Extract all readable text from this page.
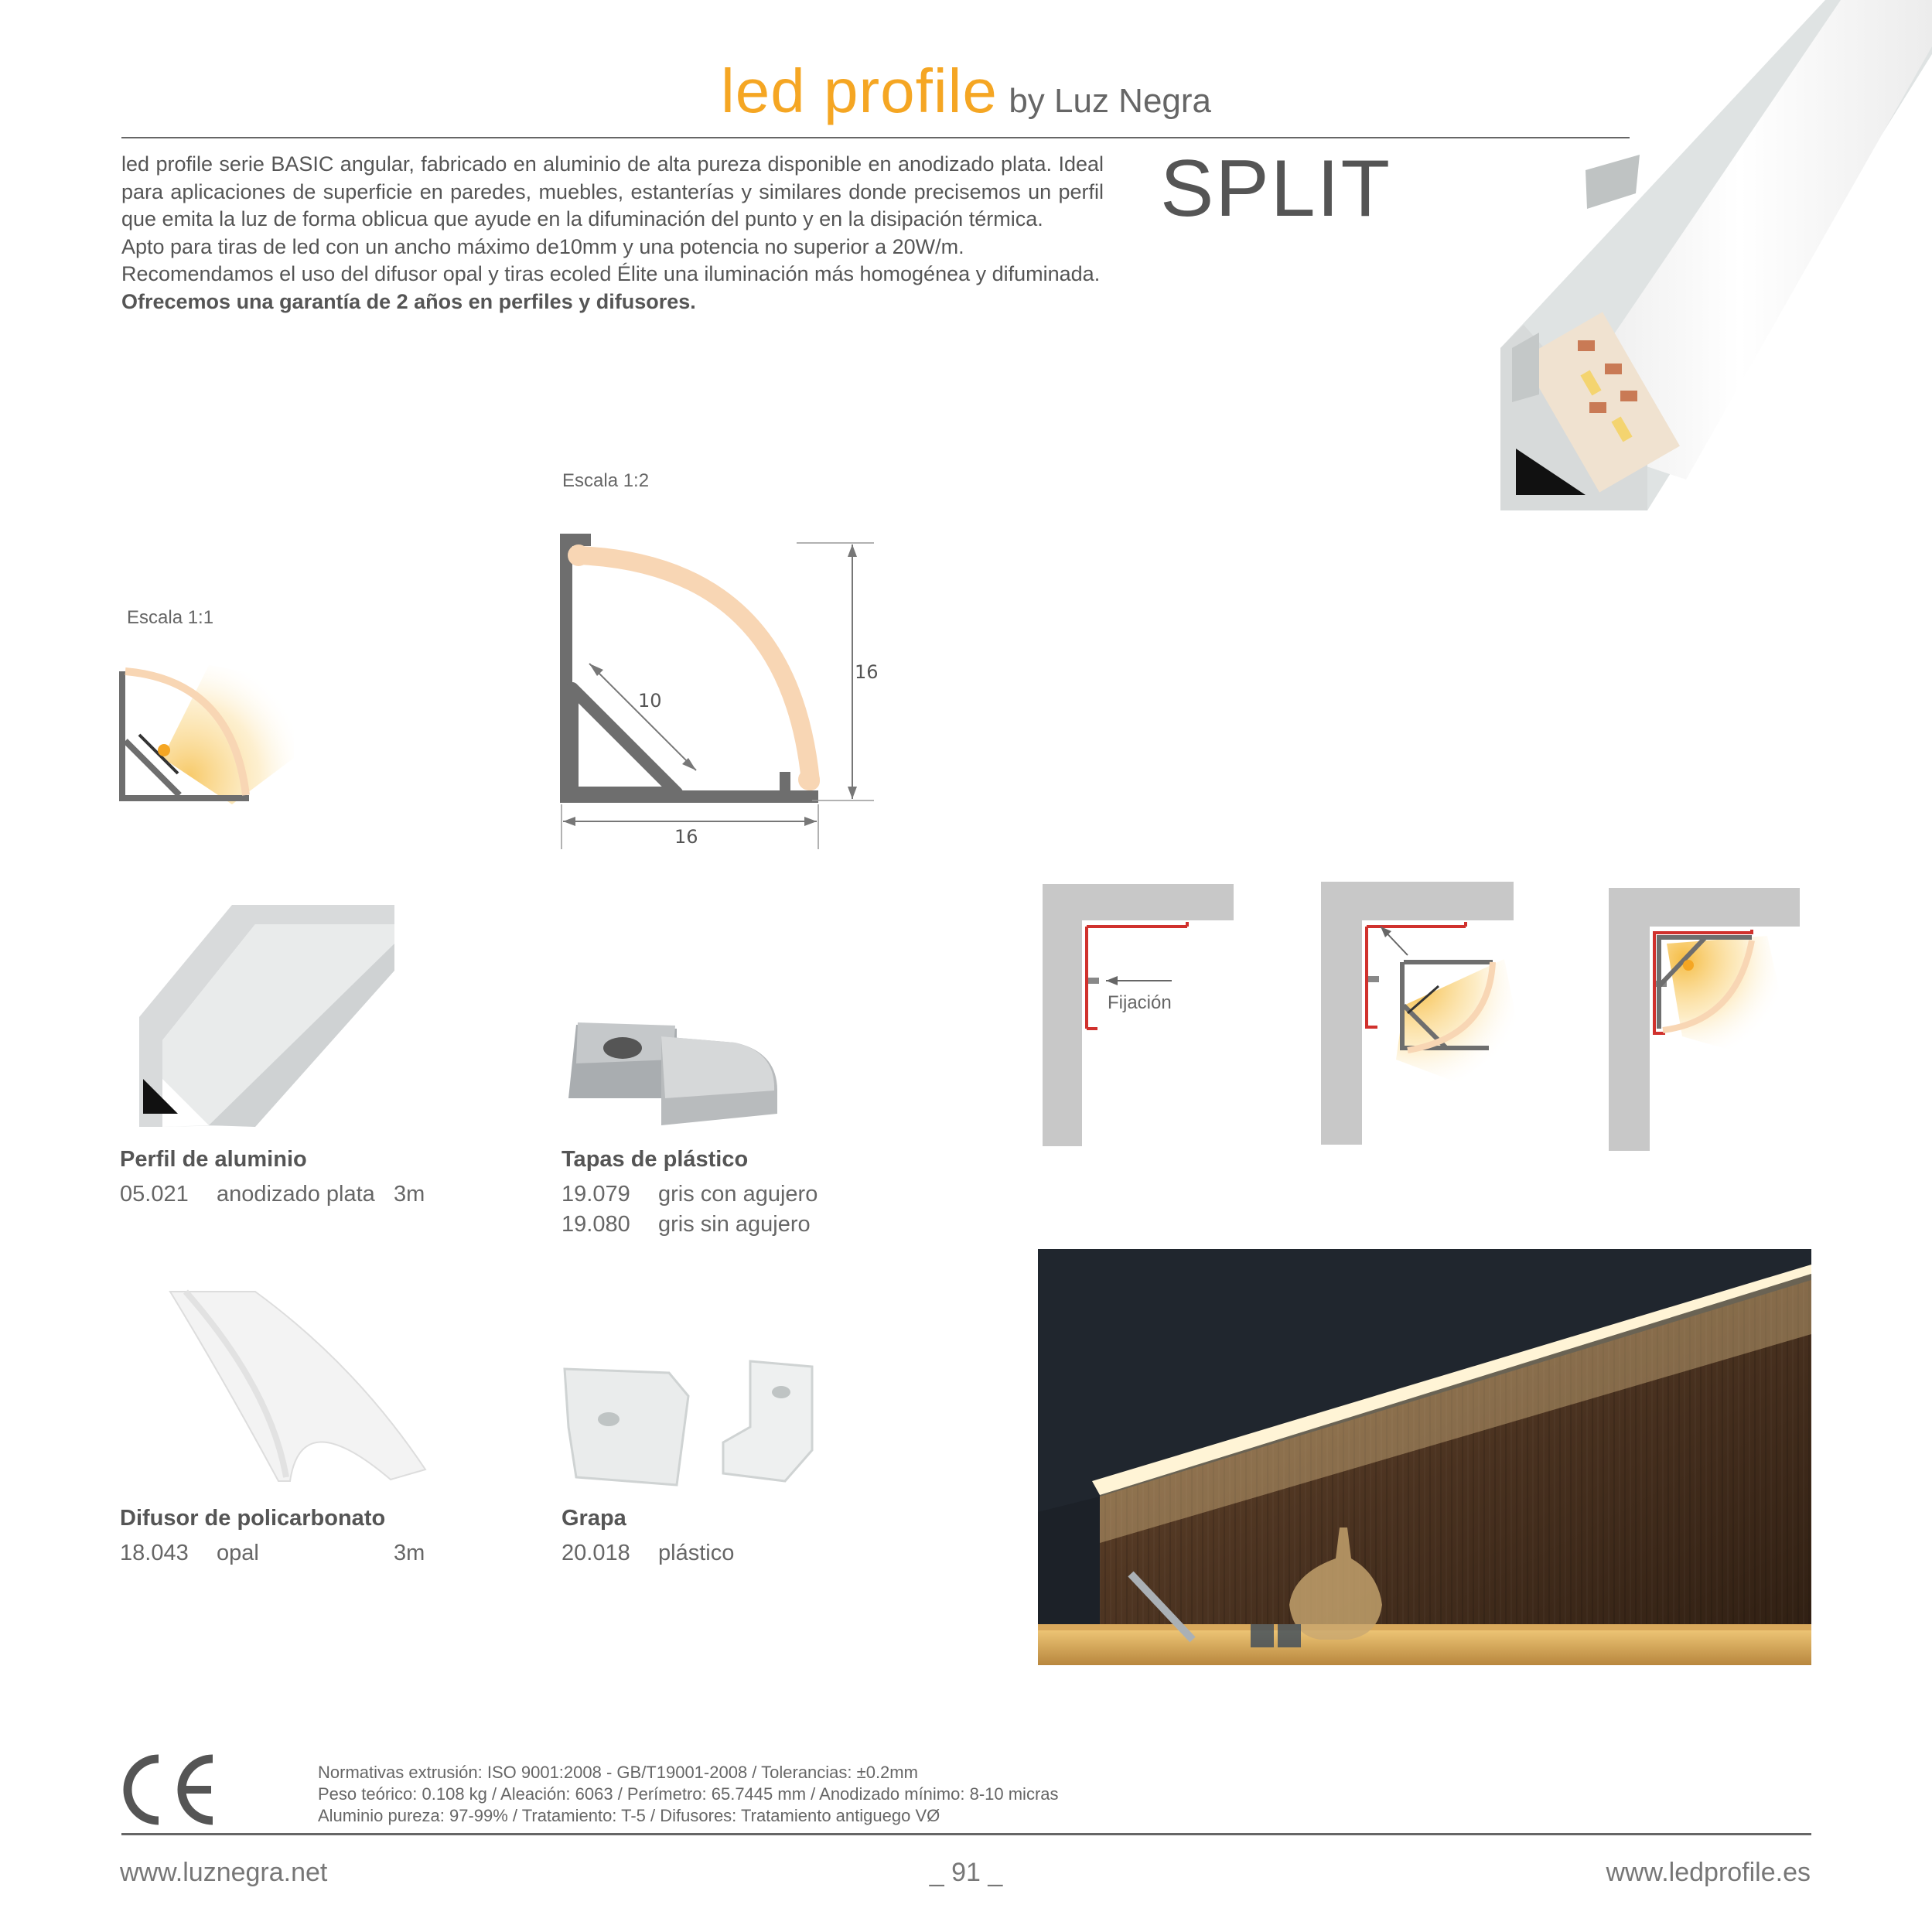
led profile by Luz Negra

led profile serie BASIC angular, fabricado en aluminio de alta pureza disponible en anodizado plata. Ideal para aplicaciones de superficie en paredes, muebles, estanterías y similares donde precisemos un perfil que emita la luz de forma oblicua que ayude en la difuminación del punto y en la disipación térmica.

Apto para tiras de led con un ancho máximo de10mm y una potencia no superior a 20W/m.

Recomendamos el uso del difusor opal y tiras ecoled Élite una iluminación más homogénea y difuminada.

Ofrecemos una garantía de 2 años en perfiles y difusores.

SPLIT
Escala 1:2
Escala 1:1
10
16
16
Fijación
Perfil de aluminio
05.021 anodizado plata 3m
Tapas de plástico
19.079 gris con agujero
19.080 gris sin agujero
Difusor de policarbonato
18.043 opal	3m
Grapa
20.018 plástico
Normativas extrusión: ISO 9001:2008 - GB/T19001-2008 / Tolerancias: ±0.2mm
Peso teórico: 0.108 kg / Aleación: 6063 / Perímetro: 65.7445 mm / Anodizado mínimo: 8-10 micras
Aluminio pureza: 97-99% / Tratamiento: T-5 / Difusores: Tratamiento antiguego VØ
www.luznegra.net	_ 91 _	www.ledprofile.es
